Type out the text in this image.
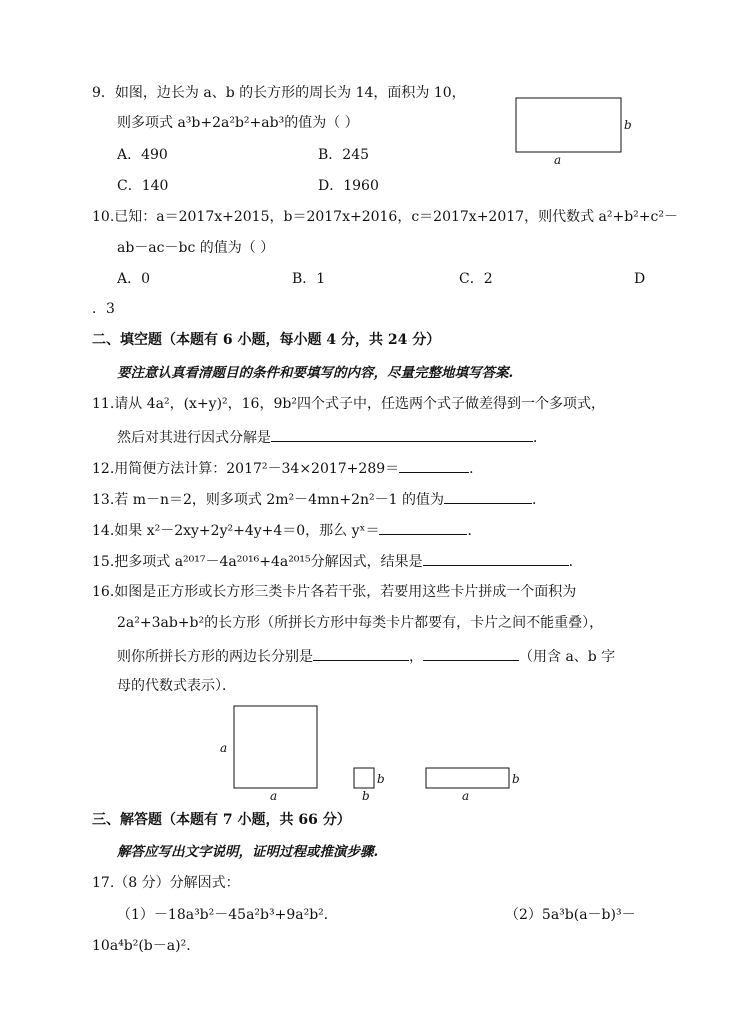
9．如图，边长为 a、b 的长方形的周长为 14，面积为 10，
则多项式 a³b+2a²b²+ab³的值为（ ）
A．490	B．245
C．140	D．1960
b
a
10.已知：a＝2017x+2015，b＝2017x+2016，c＝2017x+2017，则代数式 a²+b²+c²－
ab－ac－bc 的值为（ ）
A．0	B．1	C．2	D
．3
二、填空题（本题有 6 小题，每小题 4 分，共 24 分）
要注意认真看清题目的条件和要填写的内容，尽量完整地填写答案.
11.请从 4a²，(x+y)²，16，9b²四个式子中，任选两个式子做差得到一个多项式，
然后对其进行因式分解是	．
12.用简便方法计算：2017²－34×2017+289＝	．
13.若 m－n＝2，则多项式 2m²－4mn+2n²－1 的值为	．
14.如果 x²－2xy+2y²+4y+4＝0，那么 yˣ＝	．
15.把多项式 a²⁰¹⁷－4a²⁰¹⁶+4a²⁰¹⁵分解因式，结果是	．
16.如图是正方形或长方形三类卡片各若干张，若要用这些卡片拼成一个面积为
2a²+3ab+b²的长方形（所拼长方形中每类卡片都要有，卡片之间不能重叠），
则你所拼长方形的两边长分别是	，	（用含 a、b 字
母的代数式表示）．
a
a
b
b
b
a
三、解答题（本题有 7 小题，共 66 分）
解答应写出文字说明，证明过程或推演步骤.
17.（8 分）分解因式：
（1）－18a³b²－45a²b³+9a²b²．	（2）5a³b(a－b)³－
10a⁴b²(b－a)²．
